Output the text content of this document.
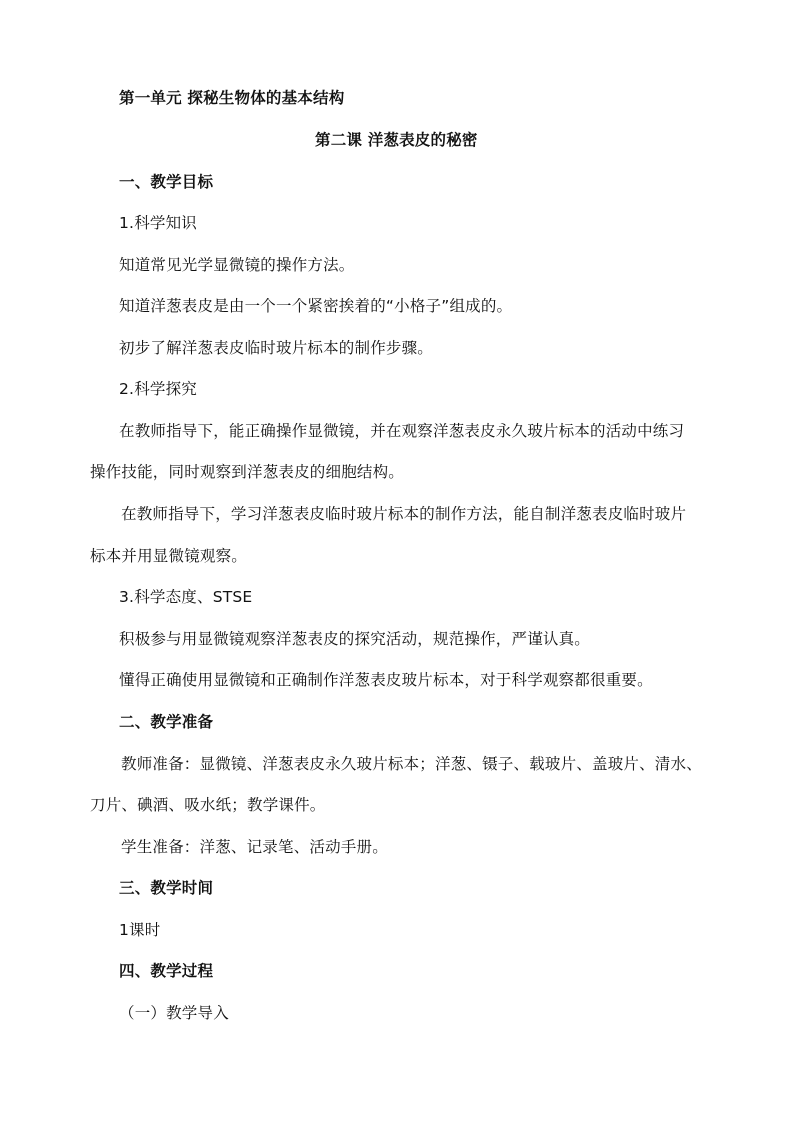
第一单元 探秘生物体的基本结构
第二课 洋葱表皮的秘密
一、教学目标
1.科学知识
知道常见光学显微镜的操作方法。
知道洋葱表皮是由一个一个紧密挨着的“小格子”组成的。
初步了解洋葱表皮临时玻片标本的制作步骤。
2.科学探究
在教师指导下，能正确操作显微镜，并在观察洋葱表皮永久玻片标本的活动中练习
操作技能，同时观察到洋葱表皮的细胞结构。
在教师指导下，学习洋葱表皮临时玻片标本的制作方法，能自制洋葱表皮临时玻片
标本并用显微镜观察。
3.科学态度、STSE
积极参与用显微镜观察洋葱表皮的探究活动，规范操作，严谨认真。
懂得正确使用显微镜和正确制作洋葱表皮玻片标本，对于科学观察都很重要。
二、教学准备
教师准备：显微镜、洋葱表皮永久玻片标本；洋葱、镊子、载玻片、盖玻片、清水、
刀片、碘酒、吸水纸；教学课件。
学生准备：洋葱、记录笔、活动手册。
三、教学时间
1课时
四、教学过程
（一）教学导入
